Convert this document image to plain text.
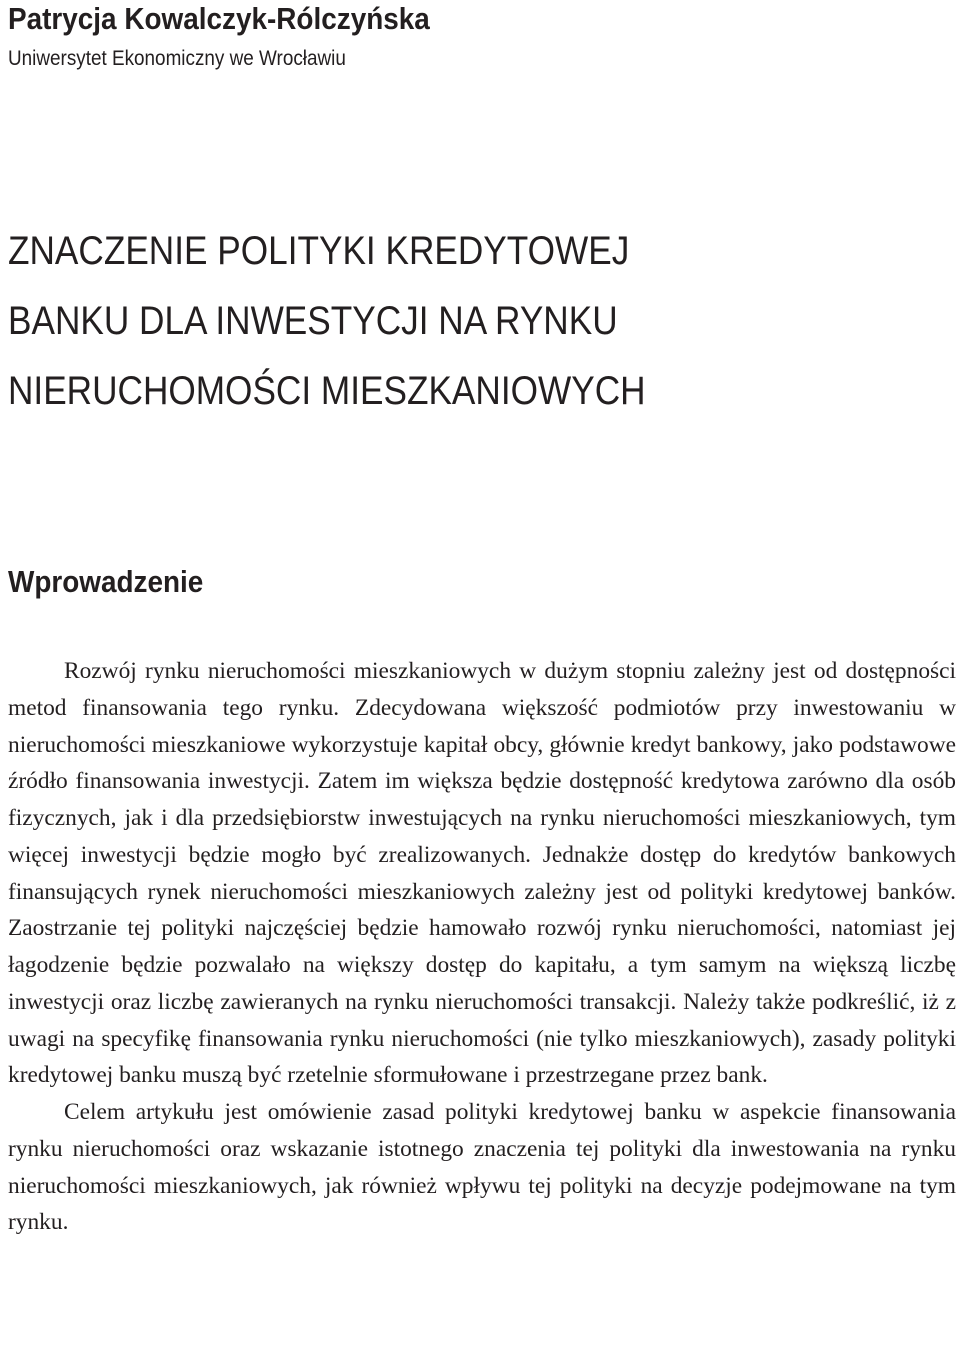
Patrycja Kowalczyk-Rólczyńska
Uniwersytet Ekonomiczny we Wrocławiu
ZNACZENIE POLITYKI KREDYTOWEJ
BANKU DLA INWESTYCJI NA RYNKU
NIERUCHOMOŚCI MIESZKANIOWYCH
Wprowadzenie

Rozwój rynku nieruchomości mieszkaniowych w dużym stopniu zależny jest od dostępności metod finansowania tego rynku. Zdecydowana większość podmiotów przy inwestowaniu w nieruchomości mieszkaniowe wykorzystuje kapitał obcy, głównie kredyt bankowy, jako podstawowe źródło finansowania inwestycji. Zatem im większa będzie dostępność kredytowa zarówno dla osób fizycznych, jak i dla przedsiębiorstw inwestujących na rynku nieruchomości mieszkaniowych, tym więcej inwestycji będzie mogło być zrealizowanych. Jednakże dostęp do kredytów bankowych finansujących rynek nieruchomości mieszkaniowych zależny jest od polityki kredytowej banków. Zaostrzanie tej polityki najczęściej będzie hamowało rozwój rynku nieruchomości, natomiast jej łagodzenie będzie pozwalało na większy dostęp do kapitału, a tym samym na większą liczbę inwestycji oraz liczbę zawieranych na rynku nieruchomości transakcji. Należy także podkreślić, iż z uwagi na specyfikę finansowania rynku nieruchomości (nie tylko mieszkaniowych), zasady polityki kredytowej banku muszą być rzetelnie sformułowane i przestrzegane przez bank.

Celem artykułu jest omówienie zasad polityki kredytowej banku w aspekcie finansowania rynku nieruchomości oraz wskazanie istotnego znaczenia tej polityki dla inwestowania na rynku nieruchomości mieszkaniowych, jak również wpływu tej polityki na decyzje podejmowane na tym rynku.
